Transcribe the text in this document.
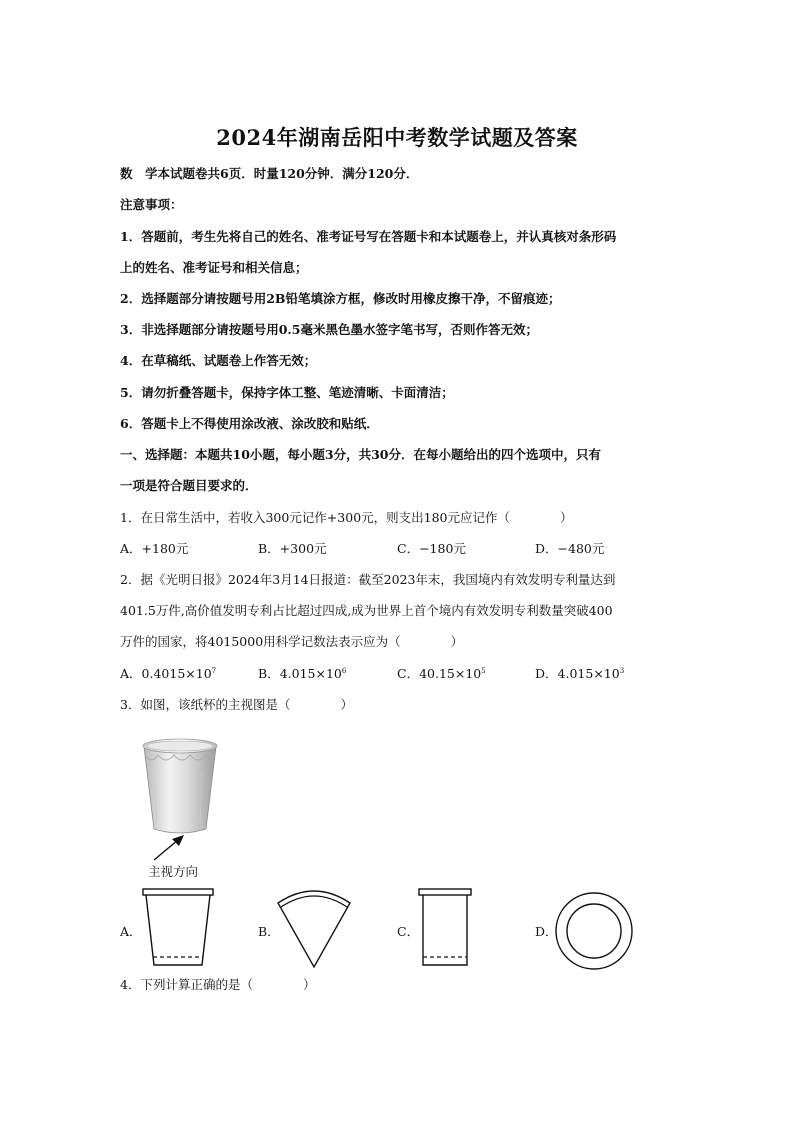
2024年湖南岳阳中考数学试题及答案
数　学本试题卷共6页．时量120分钟．满分120分．
注意事项：
1．答题前，考生先将自己的姓名、准考证号写在答题卡和本试题卷上，并认真核对条形码
上的姓名、准考证号和相关信息；
2．选择题部分请按题号用2B铅笔填涂方框，修改时用橡皮擦干净，不留痕迹；
3．非选择题部分请按题号用0.5毫米黑色墨水签字笔书写，否则作答无效；
4．在草稿纸、试题卷上作答无效；
5．请勿折叠答题卡，保持字体工整、笔迹清晰、卡面清洁；
6．答题卡上不得使用涂改液、涂改胶和贴纸．
一、选择题：本题共10小题，每小题3分，共30分．在每小题给出的四个选项中，只有
一项是符合题目要求的．
1．在日常生活中，若收入300元记作+300元，则支出180元应记作（　　　　）
A．+180元	B．+300元	C．−180元	D．−480元
2．据《光明日报》2024年3月14日报道：截至2023年末，我国境内有效发明专利量达到
401.5万件,高价值发明专利占比超过四成,成为世界上首个境内有效发明专利数量突破400
万件的国家，将4015000用科学记数法表示应为（　　　　）
A．$0.4015\times 10^7$	B．$4.015\times 10^6$	C．$40.15\times 10^5$	D．$4.015\times 10^3$
3．如图，该纸杯的主视图是（　　　　）
主视方向
A．	B．	C．	D．
4．下列计算正确的是（　　　　）
